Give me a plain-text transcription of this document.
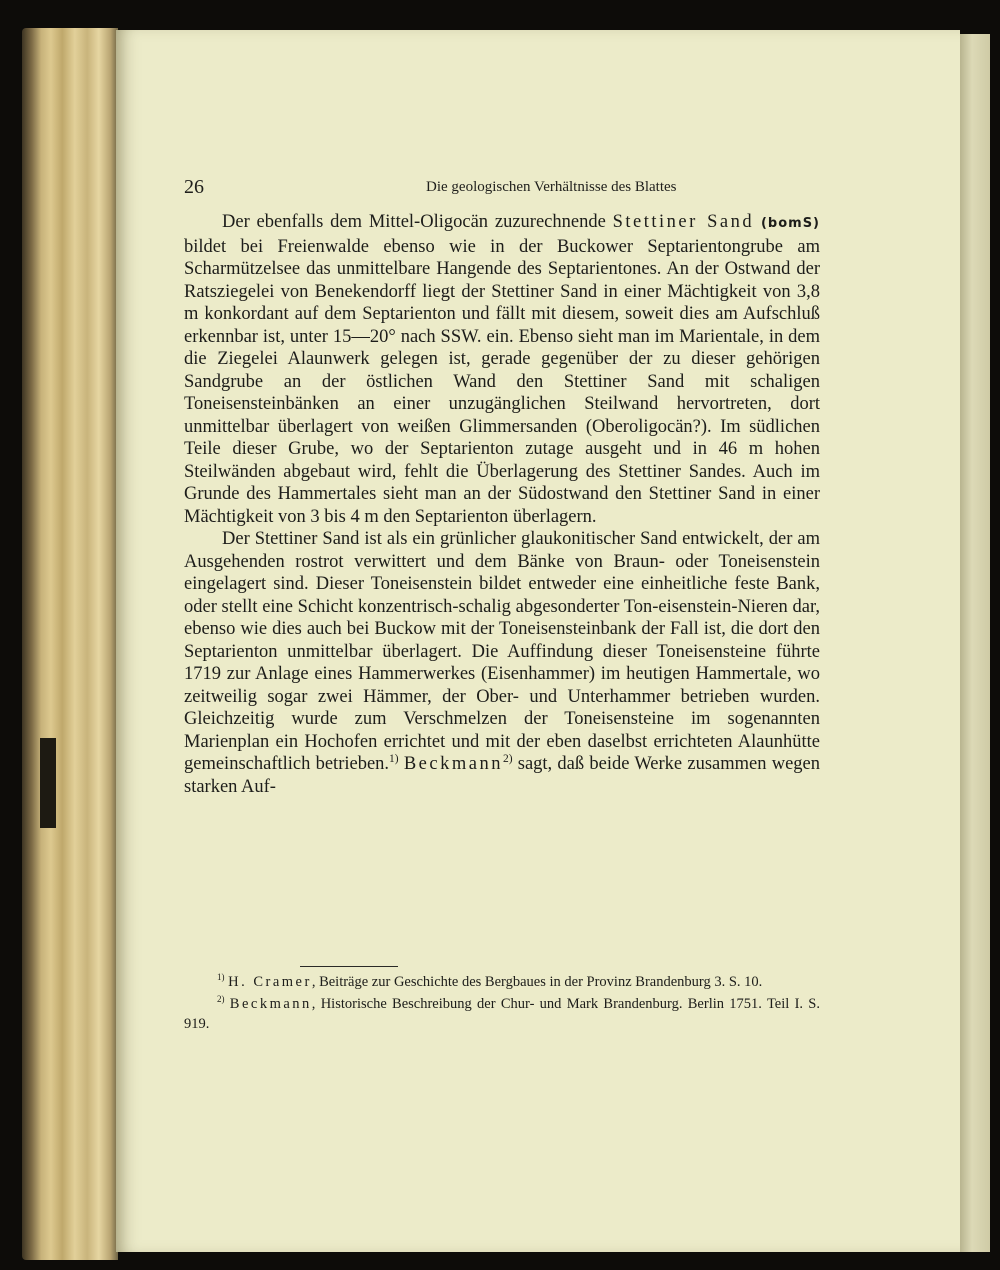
26	Die geologischen Verhältnisse des Blattes

Der ebenfalls dem Mittel-Oligocän zuzurechnende Stettiner Sand (bomS) bildet bei Freienwalde ebenso wie in der Buckower Septarientongrube am Scharmützelsee das unmittelbare Hangende des Septarientones. An der Ostwand der Ratsziegelei von Benekendorff liegt der Stettiner Sand in einer Mächtigkeit von 3,8 m konkordant auf dem Septarienton und fällt mit diesem, soweit dies am Aufschluß erkennbar ist, unter 15—20° nach SSW. ein. Ebenso sieht man im Marientale, in dem die Ziegelei Alaunwerk gelegen ist, gerade gegenüber der zu dieser gehörigen Sandgrube an der östlichen Wand den Stettiner Sand mit schaligen Toneisensteinbänken an einer unzugänglichen Steilwand hervortreten, dort unmittelbar überlagert von weißen Glimmersanden (Oberoligocän?). Im südlichen Teile dieser Grube, wo der Septarienton zutage ausgeht und in 46 m hohen Steilwänden abgebaut wird, fehlt die Überlagerung des Stettiner Sandes. Auch im Grunde des Hammertales sieht man an der Südostwand den Stettiner Sand in einer Mächtigkeit von 3 bis 4 m den Septarienton überlagern.

Der Stettiner Sand ist als ein grünlicher glaukonitischer Sand entwickelt, der am Ausgehenden rostrot verwittert und dem Bänke von Braun- oder Toneisenstein eingelagert sind. Dieser Toneisenstein bildet entweder eine einheitliche feste Bank, oder stellt eine Schicht konzentrisch-schalig abgesonderter Ton-eisenstein-Nieren dar, ebenso wie dies auch bei Buckow mit der Toneisensteinbank der Fall ist, die dort den Septarienton unmittelbar überlagert. Die Auffindung dieser Toneisensteine führte 1719 zur Anlage eines Hammerwerkes (Eisenhammer) im heutigen Hammertale, wo zeitweilig sogar zwei Hämmer, der Ober- und Unterhammer betrieben wurden. Gleichzeitig wurde zum Verschmelzen der Toneisensteine im sogenannten Marienplan ein Hochofen errichtet und mit der eben daselbst errichteten Alaunhütte gemeinschaftlich betrieben.$^{1)}$ Beckmann$^{2)}$ sagt, daß beide Werke zusammen wegen starken Auf-

$^{1)}$ H. Cramer, Beiträge zur Geschichte des Bergbaues in der Provinz Brandenburg 3. S. 10.

$^{2)}$ Beckmann, Historische Beschreibung der Chur- und Mark Brandenburg. Berlin 1751. Teil I. S. 919.
